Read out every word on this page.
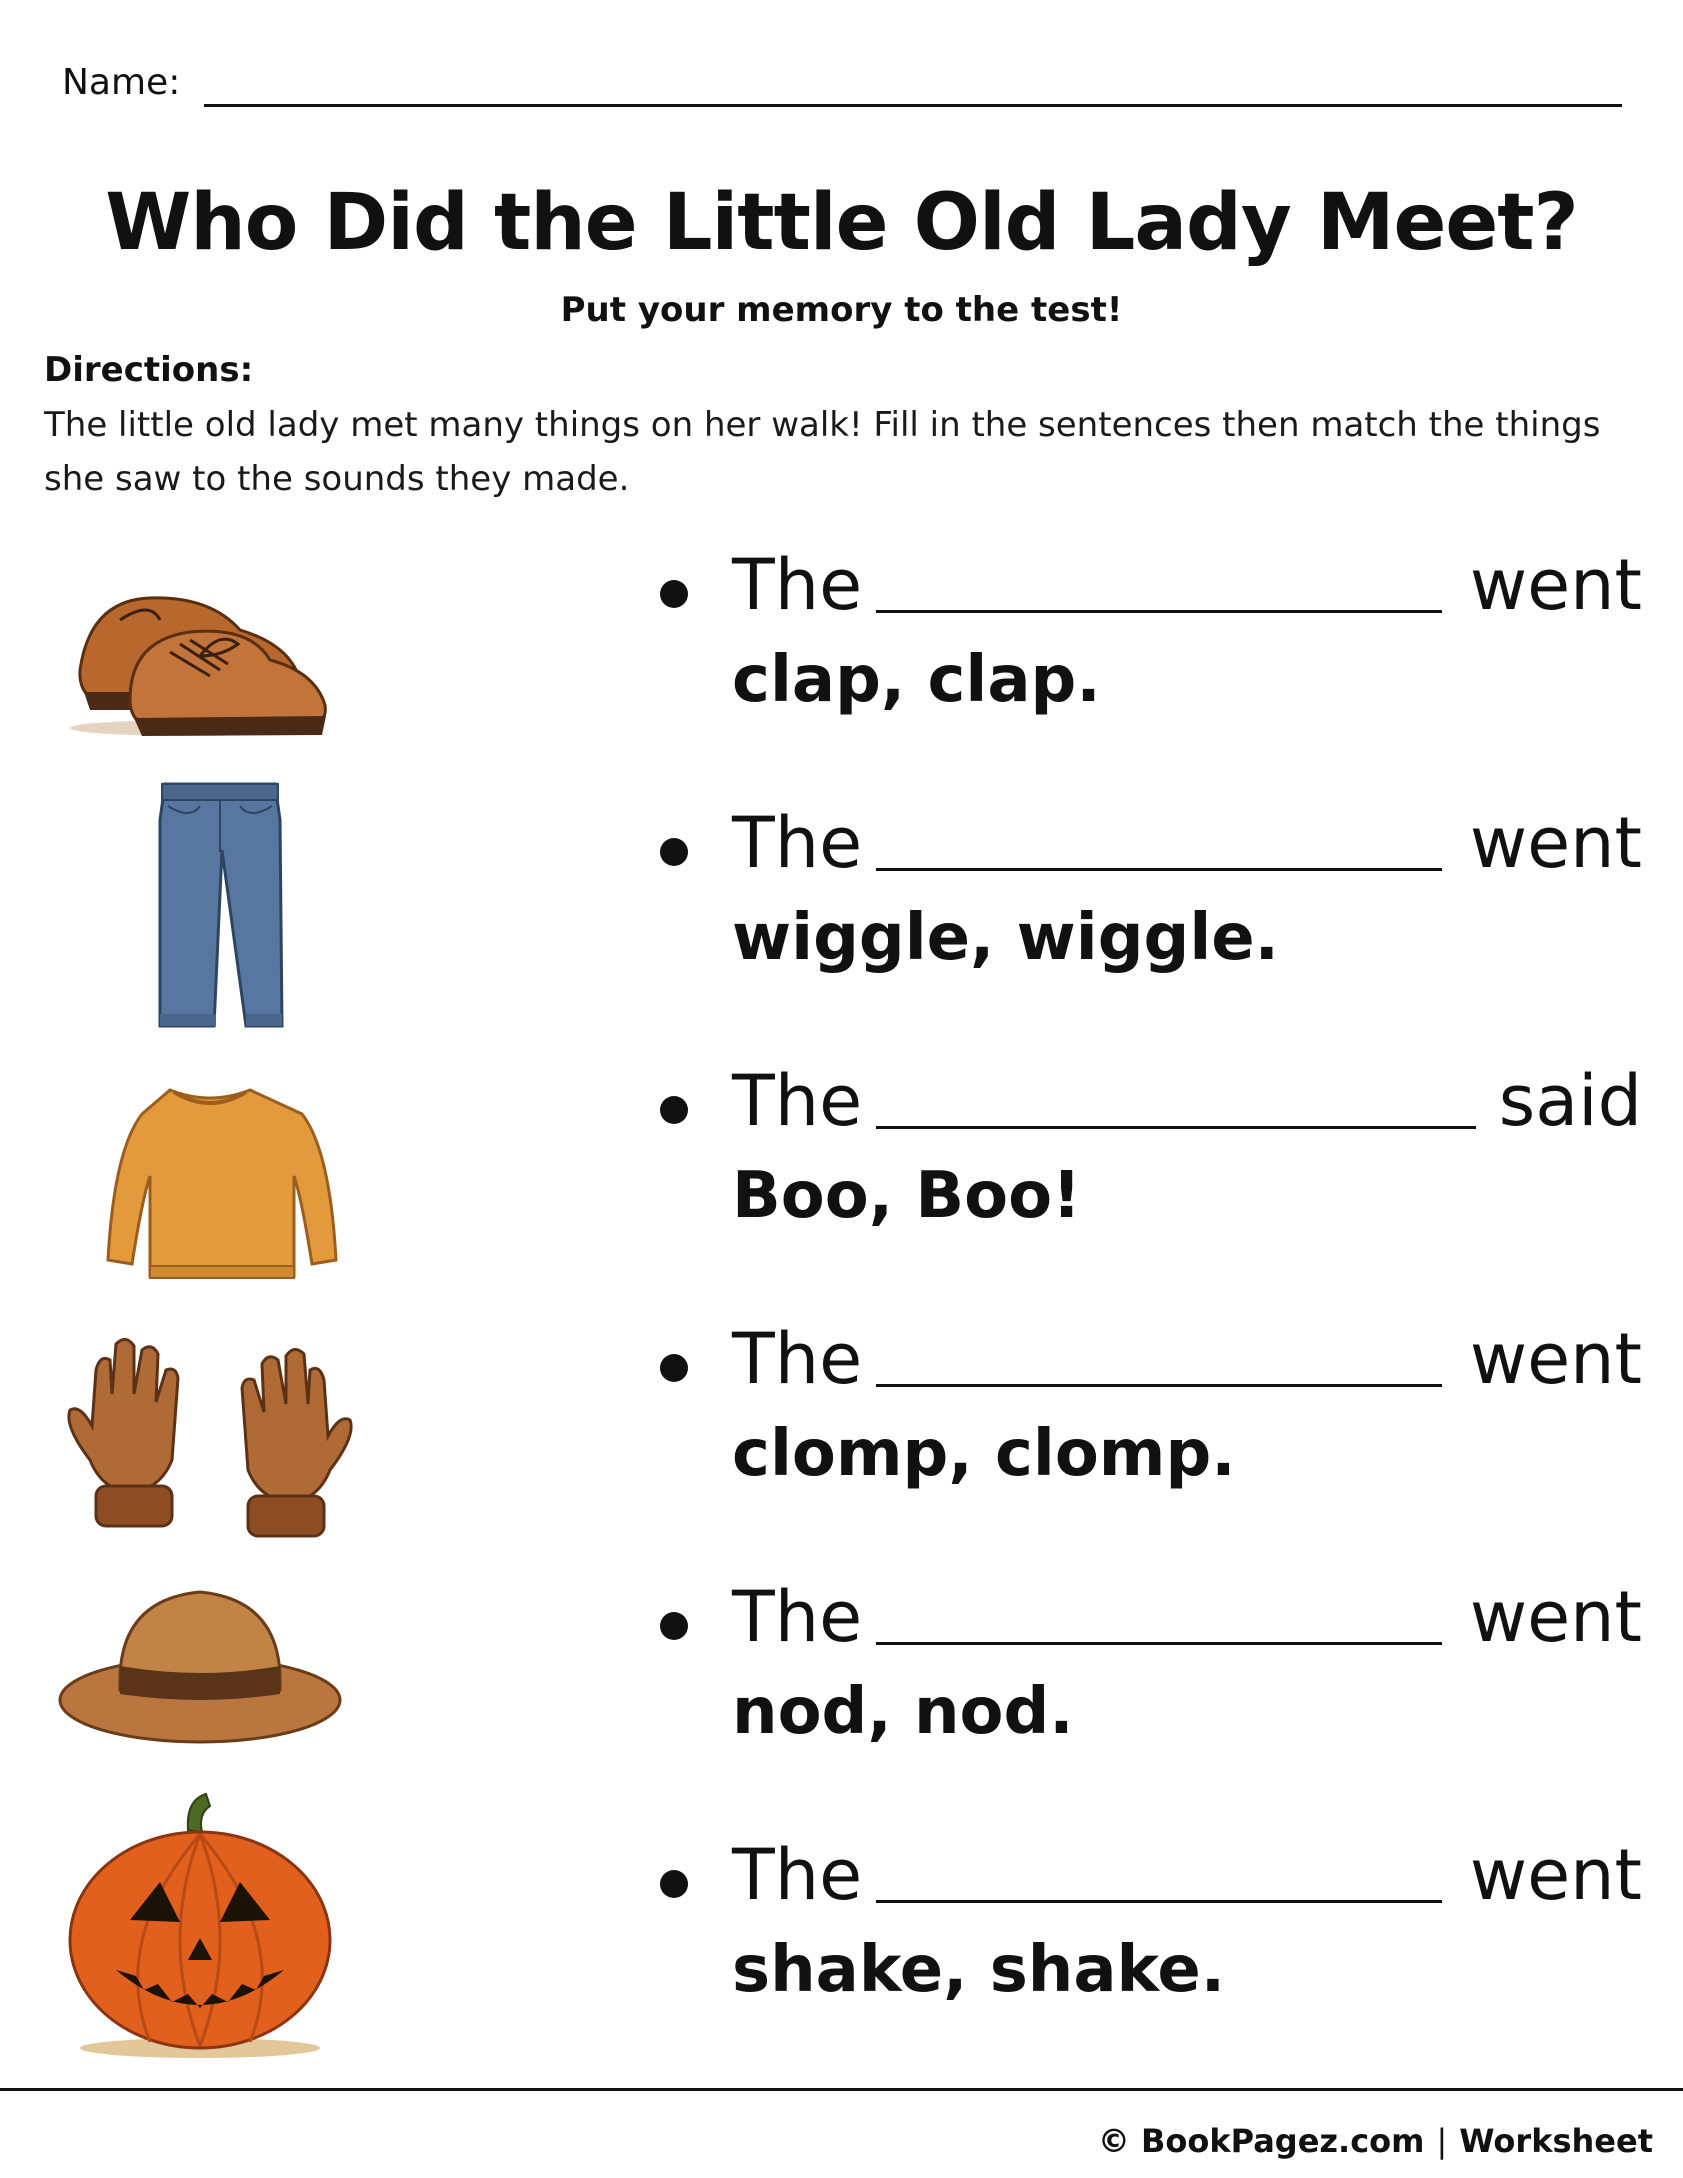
Name:
Who Did the Little Old Lady Meet?
Put your memory to the test!
Directions:
The little old lady met many things on her walk! Fill in the sentences then match the things she saw to the sounds they made.
The	went
clap, clap.
The	went
wiggle, wiggle.
The	said
Boo, Boo!
The	went
clomp, clomp.
The	went
nod, nod.
The	went
shake, shake.
© BookPagez.com | Worksheet
